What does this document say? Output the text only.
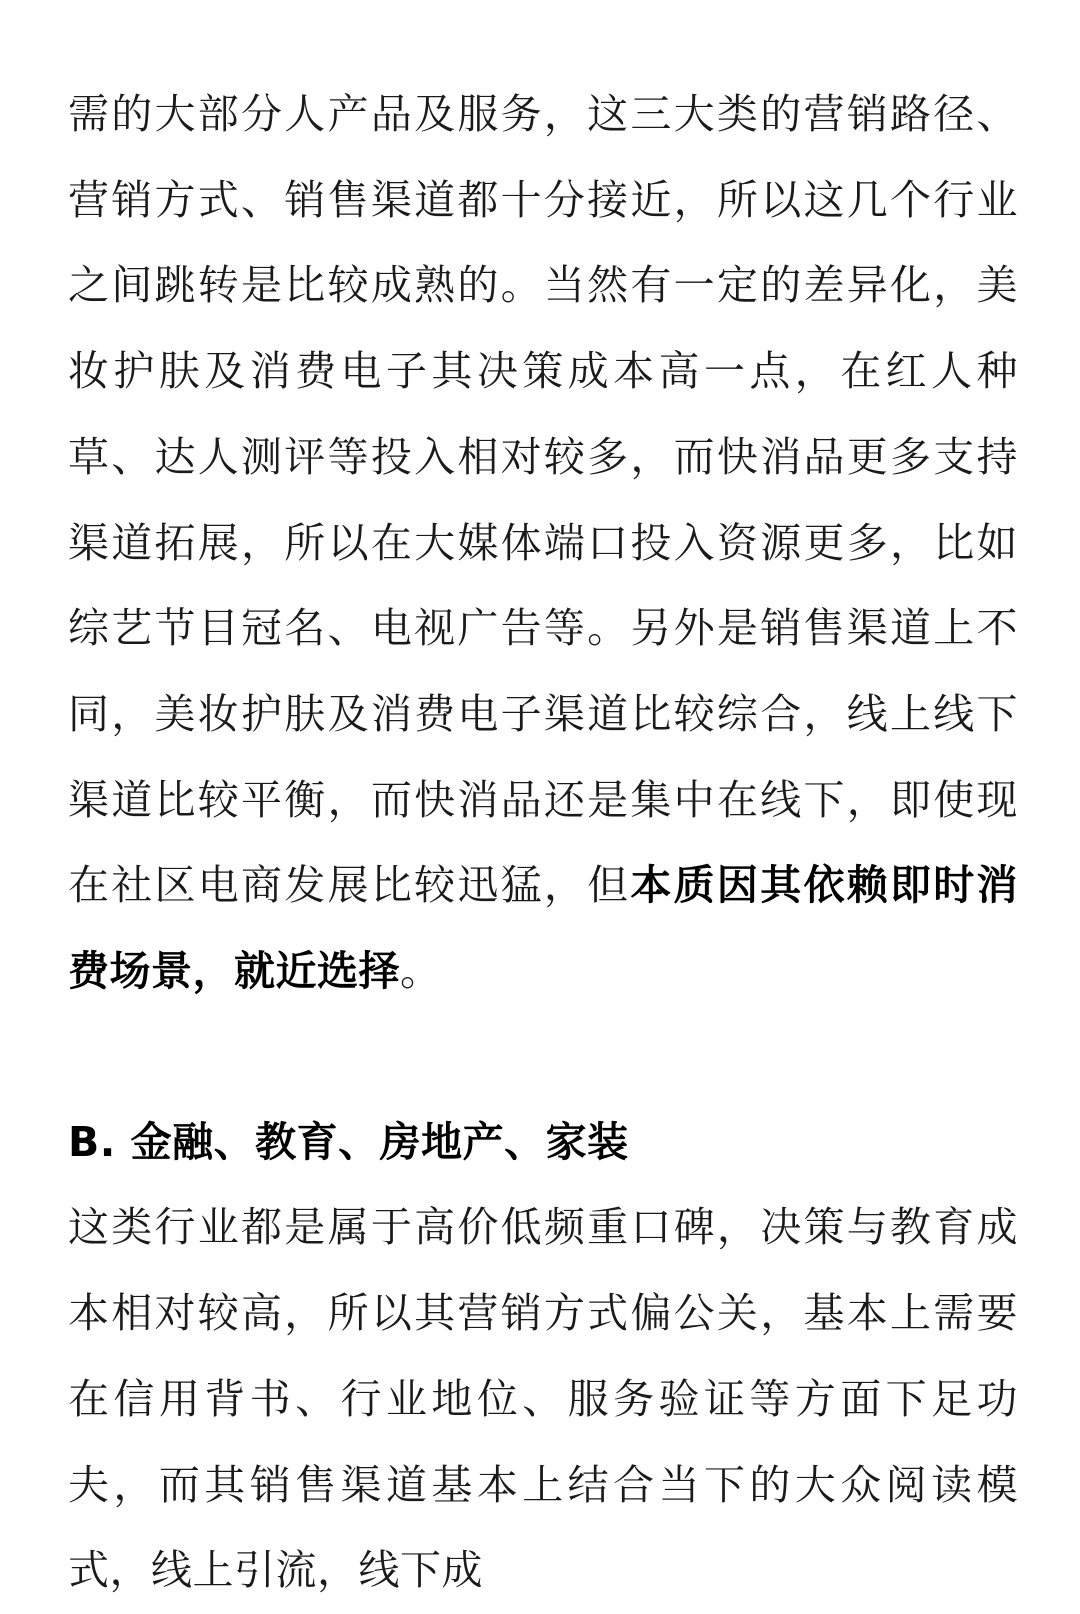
需的大部分人产品及服务，这三大类的营销路径、营销方式、销售渠道都十分接近，所以这几个行业之间跳转是比较成熟的。当然有一定的差异化，美妆护肤及消费电子其决策成本高一点，在红人种草、达人测评等投入相对较多，而快消品更多支持渠道拓展，所以在大媒体端口投入资源更多，比如综艺节目冠名、电视广告等。另外是销售渠道上不同，美妆护肤及消费电子渠道比较综合，线上线下渠道比较平衡，而快消品还是集中在线下，即使现在社区电商发展比较迅猛，但本质因其依赖即时消费场景，就近选择。

B. 金融、教育、房地产、家装

这类行业都是属于高价低频重口碑，决策与教育成本相对较高，所以其营销方式偏公关，基本上需要在信用背书、行业地位、服务验证等方面下足功夫，而其销售渠道基本上结合当下的大众阅读模式，线上引流，线下成
